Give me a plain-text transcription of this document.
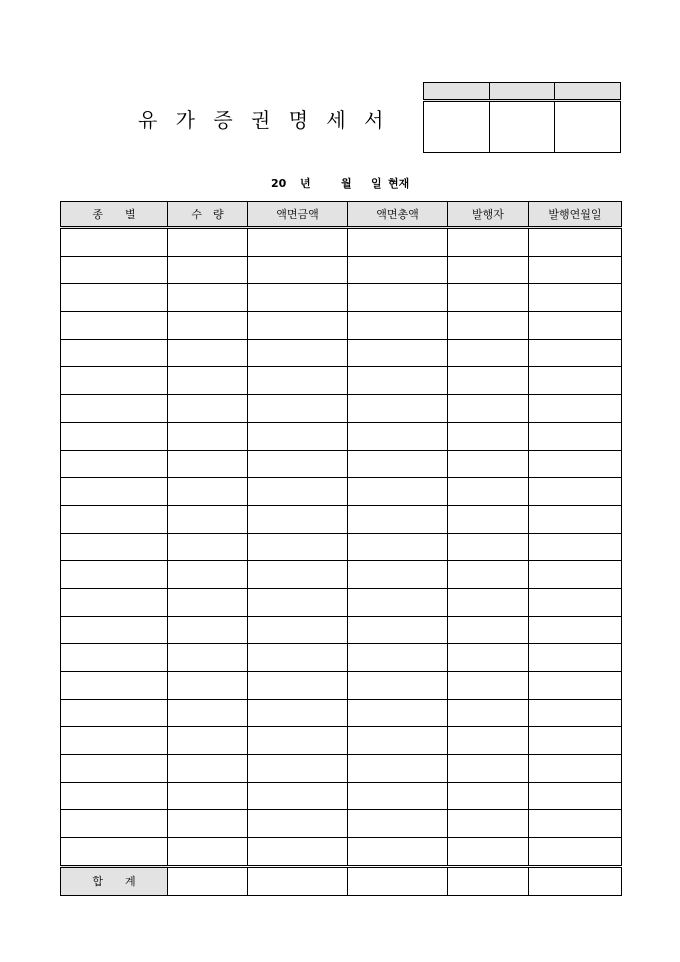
유 가 증 권 명 세 서

20 년	월 일 현재
종　　별	수　량	액면금액	액면총액	발행자	발행연월일

합　　계					
